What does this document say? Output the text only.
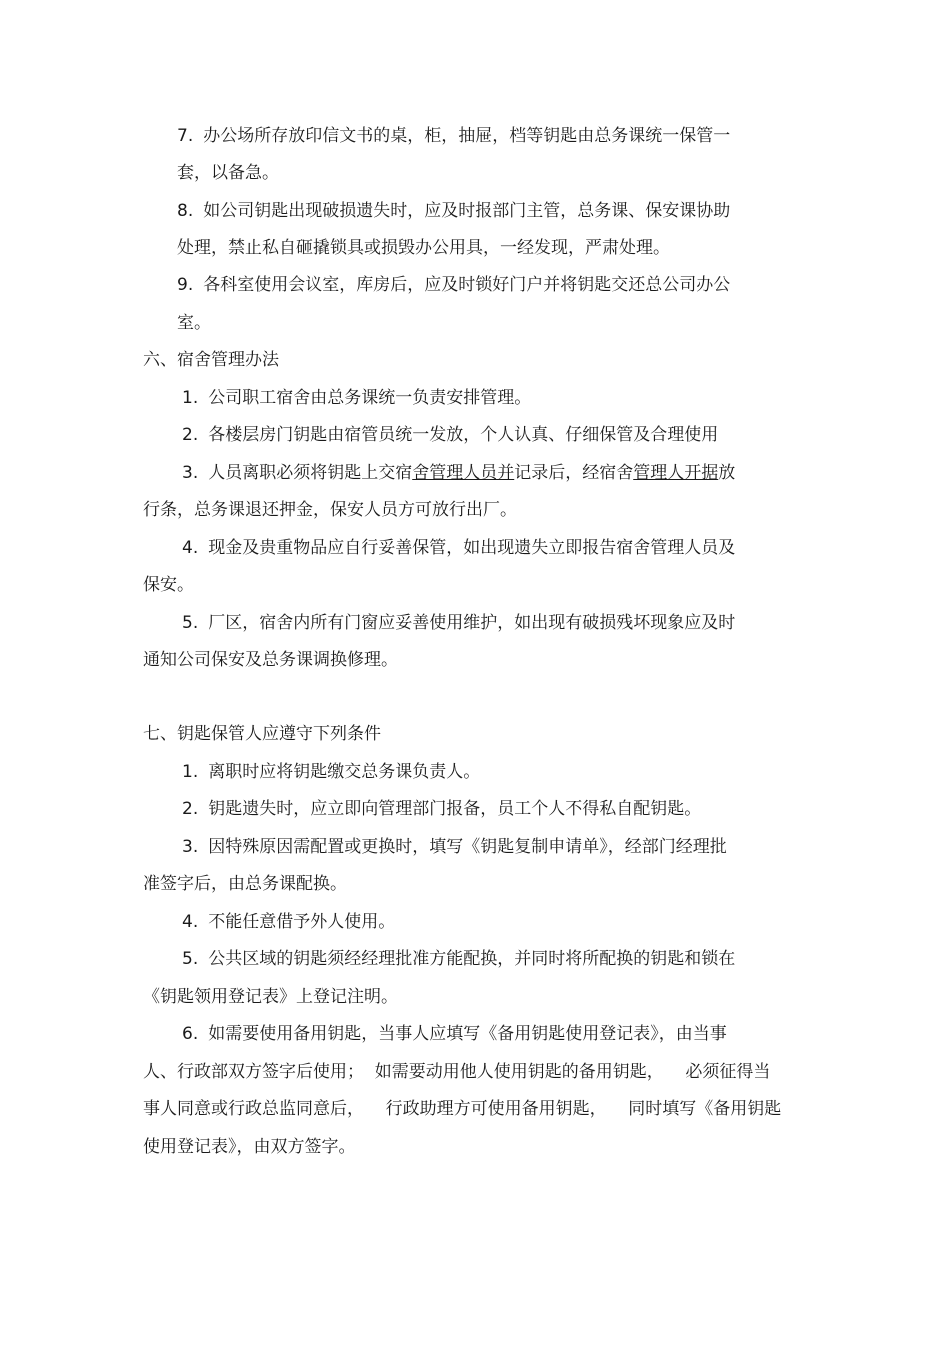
7. 办公场所存放印信文书的桌，柜，抽屉，档等钥匙由总务课统一保管一
套，以备急。
8. 如公司钥匙出现破损遗失时，应及时报部门主管，总务课、保安课协助
处理，禁止私自砸撬锁具或损毁办公用具，一经发现，严肃处理。
9. 各科室使用会议室，库房后，应及时锁好门户并将钥匙交还总公司办公
室。
六、宿舍管理办法
1. 公司职工宿舍由总务课统一负责安排管理。
2. 各楼层房门钥匙由宿管员统一发放，个人认真、仔细保管及合理使用
3. 人员离职必须将钥匙上交宿舍管理人员并记录后，经宿舍管理人开据放
行条，总务课退还押金，保安人员方可放行出厂。
4. 现金及贵重物品应自行妥善保管，如出现遗失立即报告宿舍管理人员及
保安。
5. 厂区，宿舍内所有门窗应妥善使用维护，如出现有破损残坏现象应及时
通知公司保安及总务课调换修理。
七、钥匙保管人应遵守下列条件
1. 离职时应将钥匙缴交总务课负责人。
2. 钥匙遗失时，应立即向管理部门报备，员工个人不得私自配钥匙。
3. 因特殊原因需配置或更换时，填写《钥匙复制申请单》，经部门经理批
准签字后，由总务课配换。
4. 不能任意借予外人使用。
5. 公共区域的钥匙须经经理批准方能配换，并同时将所配换的钥匙和锁在
《钥匙领用登记表》上登记注明。
6. 如需要使用备用钥匙，当事人应填写《备用钥匙使用登记表》，由当事
人、行政部双方签字后使用；  如需要动用他人使用钥匙的备用钥匙，    必须征得当
事人同意或行政总监同意后，    行政助理方可使用备用钥匙，    同时填写《备用钥匙
使用登记表》，由双方签字。
